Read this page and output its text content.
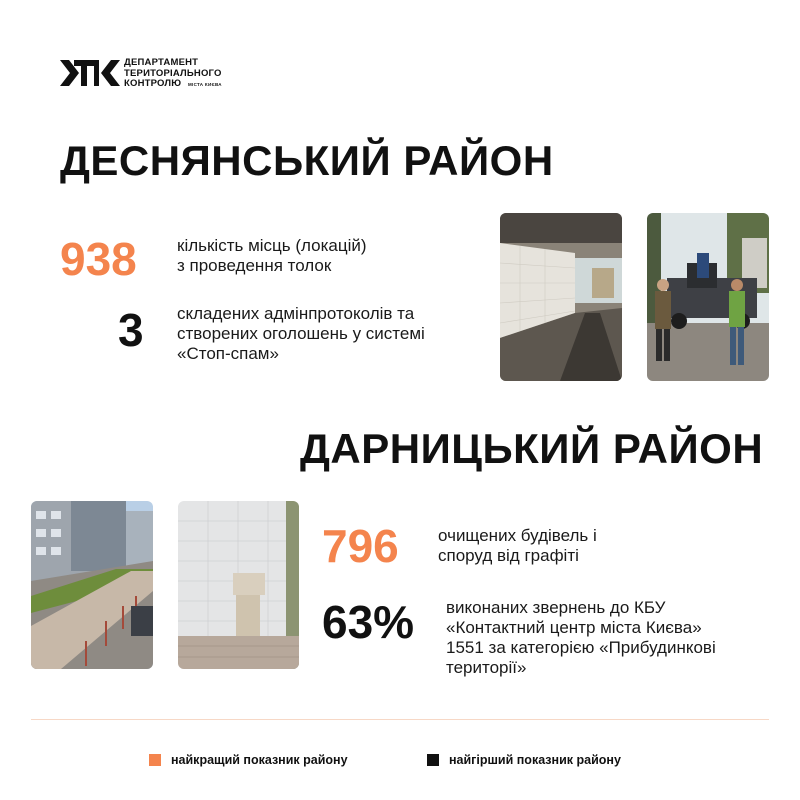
ДЕПАРТАМЕНТ
ТЕРИТОРІАЛЬНОГО
КОНТРОЛЮ	МІСТА КИЄВА
ДЕСНЯНСЬКИЙ РАЙОН
938 кількість місць (локацій)
з проведення толок
3 складених адмінпротоколів та
створених оголошень у системі
«Стоп-спам»
ДАРНИЦЬКИЙ РАЙОН
796 очищених будівель і
споруд від графіті
63% виконаних звернень до КБУ
«Контактний центр міста Києва»
1551 за категорією «Прибудинкові
території»
найкращий показник району	найгірший показник району
